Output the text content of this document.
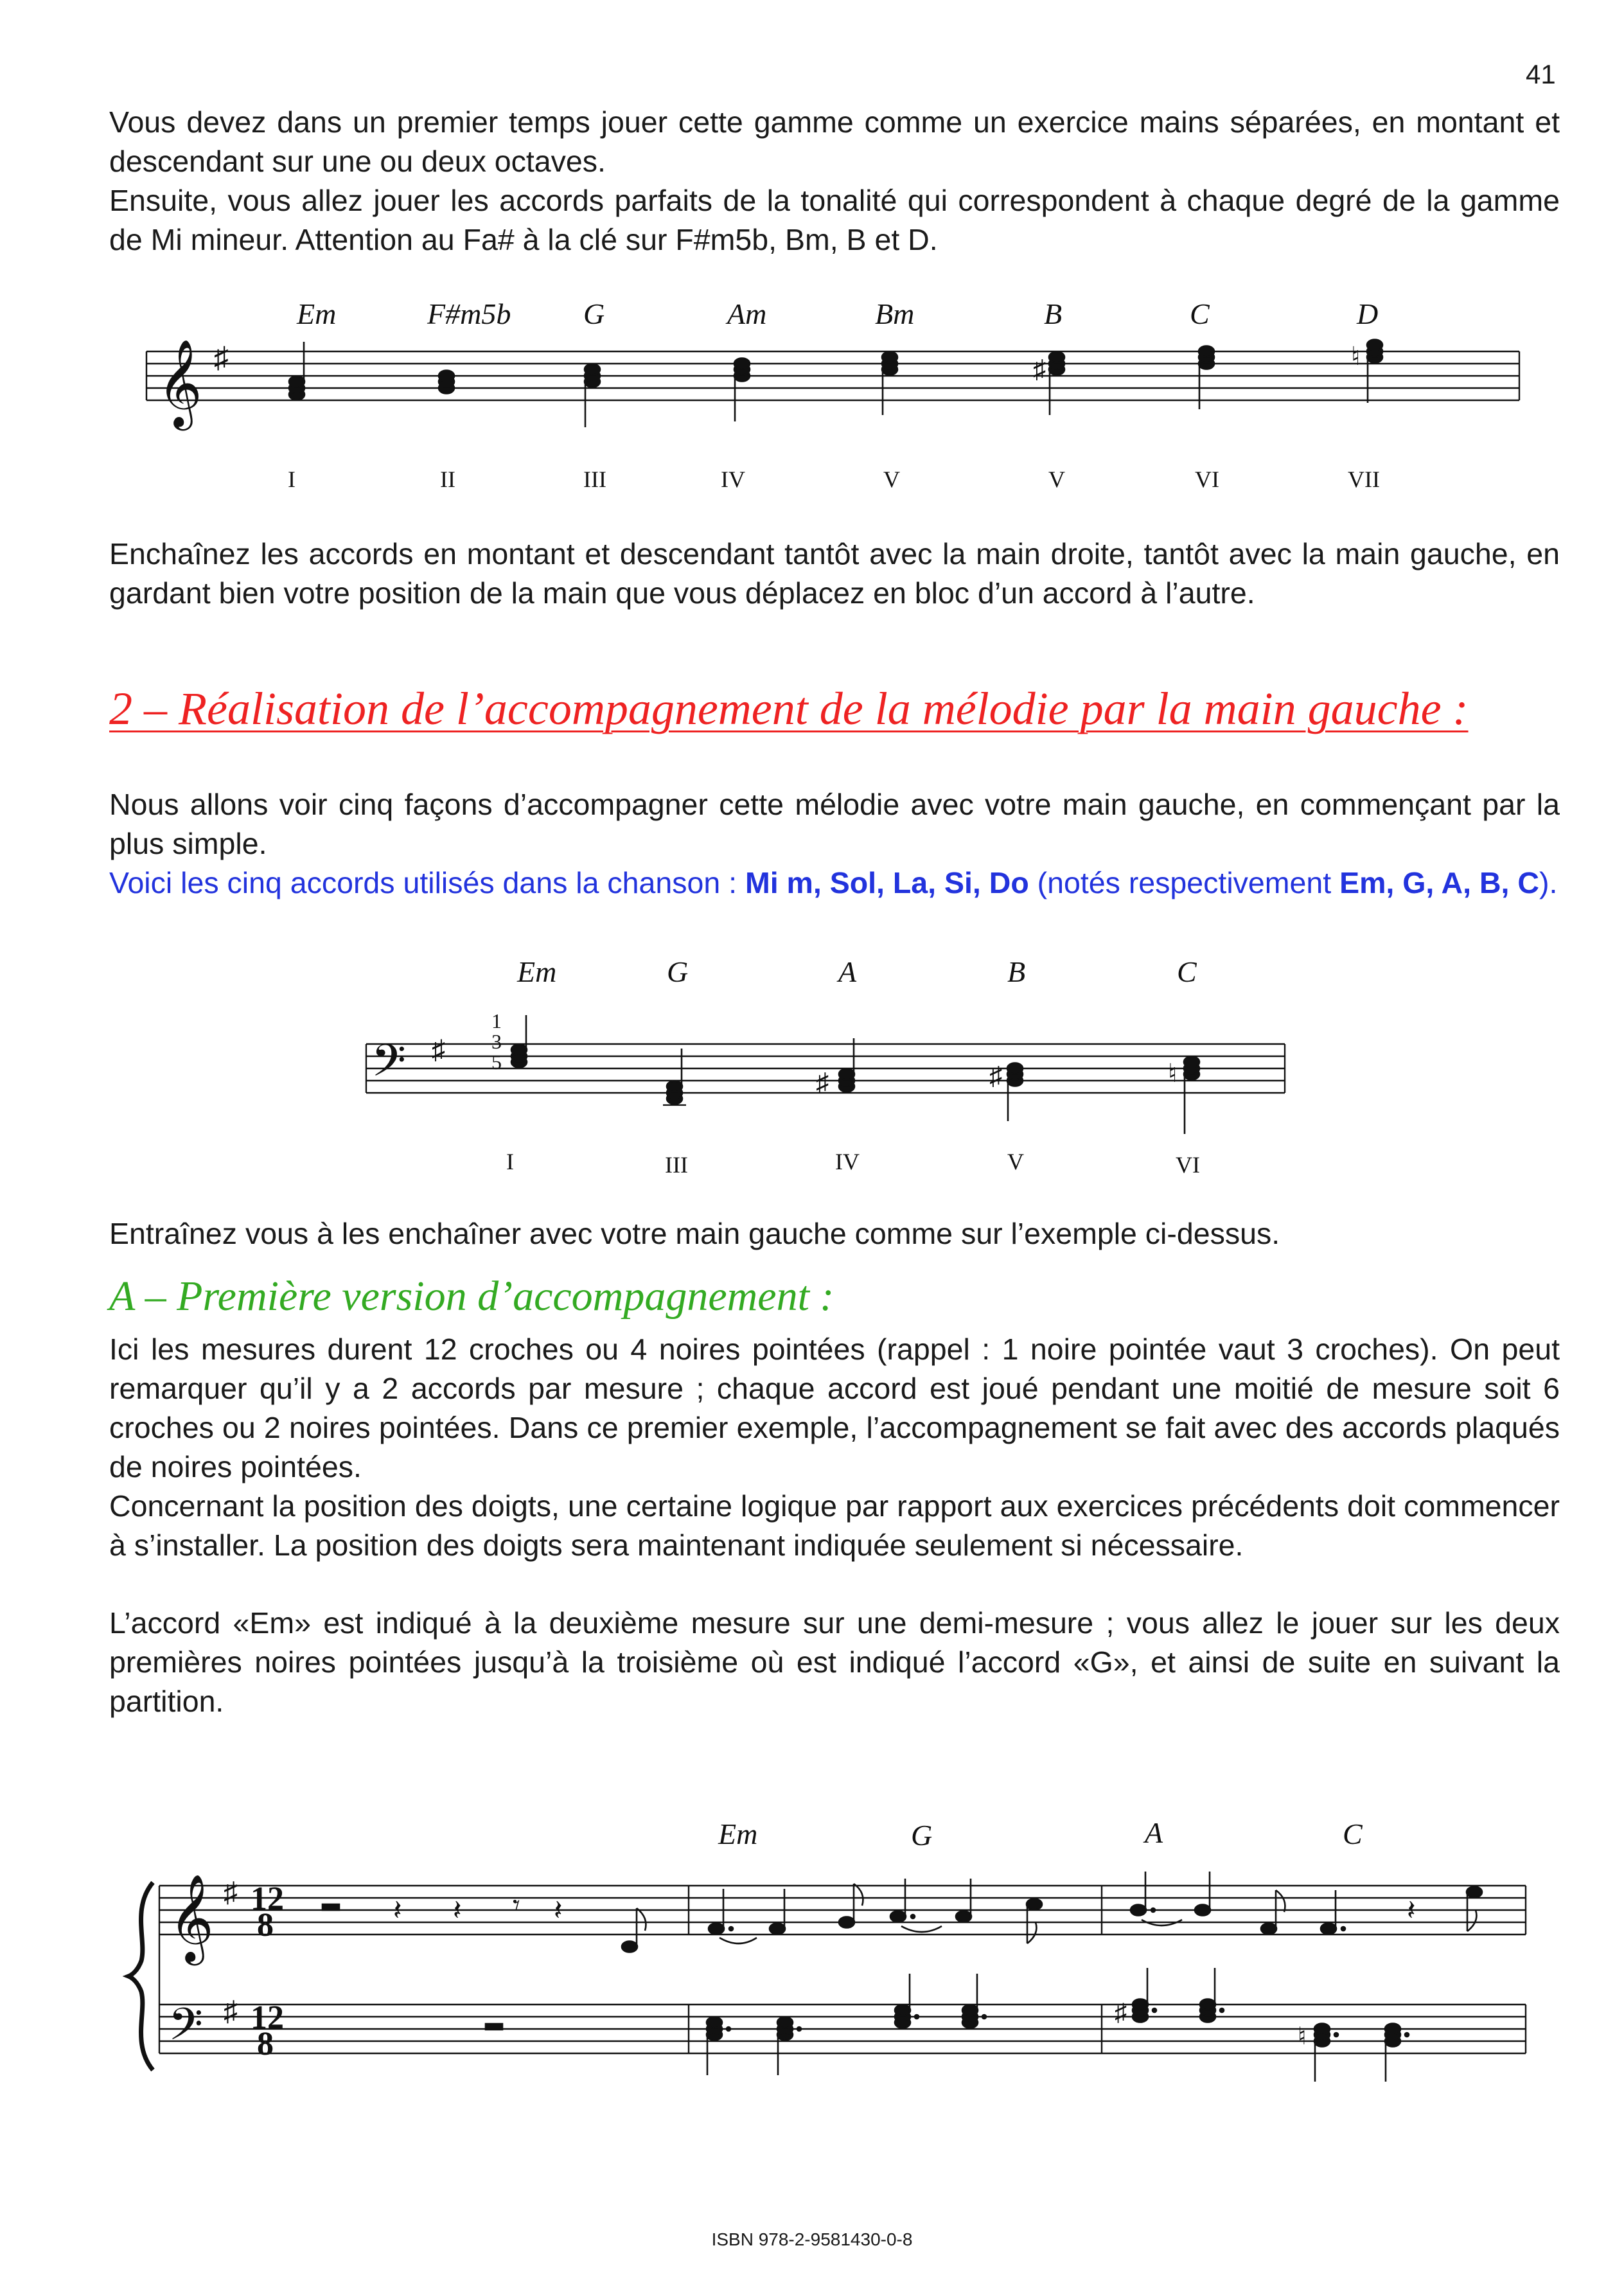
41

Vous devez dans un premier temps jouer cette gamme comme un exercice mains séparées, en montant et descendant sur une ou deux octaves.

Ensuite, vous allez jouer les accords parfaits de la tonalité qui correspondent à chaque degré de la gamme de Mi mineur. Attention au Fa# à la clé sur F#m5b, Bm, B et D.

𝄞 ♯
Em	F#m5b G	Am	Bm	B	C	D
♯	♮
I	II	III	IV	V	V	VI	VII
Enchaînez les accords en montant et descendant tantôt avec la main droite, tantôt avec la main gauche, en gardant bien votre position de la main que vous déplacez en bloc d’un accord à l’autre.
2 – Réalisation de l’accompagnement de la mélodie par la main gauche :

Nous allons voir cinq façons d’accompagner cette mélodie avec votre main gauche, en commençant par la plus simple.

Voici les cinq accords utilisés dans la chanson : Mi m, Sol, La, Si, Do (notés respectivement Em, G, A, B, C).

𝄢 ♯
Em	G	A	B	C
1
3
5
♯	♯	♮
I	III	IV	V	VI
Entraînez vous à les enchaîner avec votre main gauche comme sur l’exemple ci-dessus.
A – Première version d’accompagnement :

Ici les mesures durent 12 croches ou 4 noires pointées (rappel : 1 noire pointée vaut 3 croches). On peut remarquer qu’il y a 2 accords par mesure ; chaque accord est joué pendant une moitié de mesure soit 6 croches ou 2 noires pointées. Dans ce premier exemple, l’accompagnement se fait avec des accords plaqués de noires pointées.

Concernant la position des doigts, une certaine logique par rapport aux exercices précédents doit commencer à s’installer. La position des doigts sera maintenant indiquée seulement si nécessaire.

L’accord «Em» est indiqué à la deuxième mesure sur une demi-mesure ; vous allez le jouer sur les deux premières noires pointées jusqu’à la troisième où est indiqué l’accord «G», et ainsi de suite en suivant la partition.
𝄞
𝄢
♯
♯
12
8
12
8
Em	G	A	C
𝄽 𝄽 𝄾 𝄽	𝄽
♯
♮
ISBN 978-2-9581430-0-8
